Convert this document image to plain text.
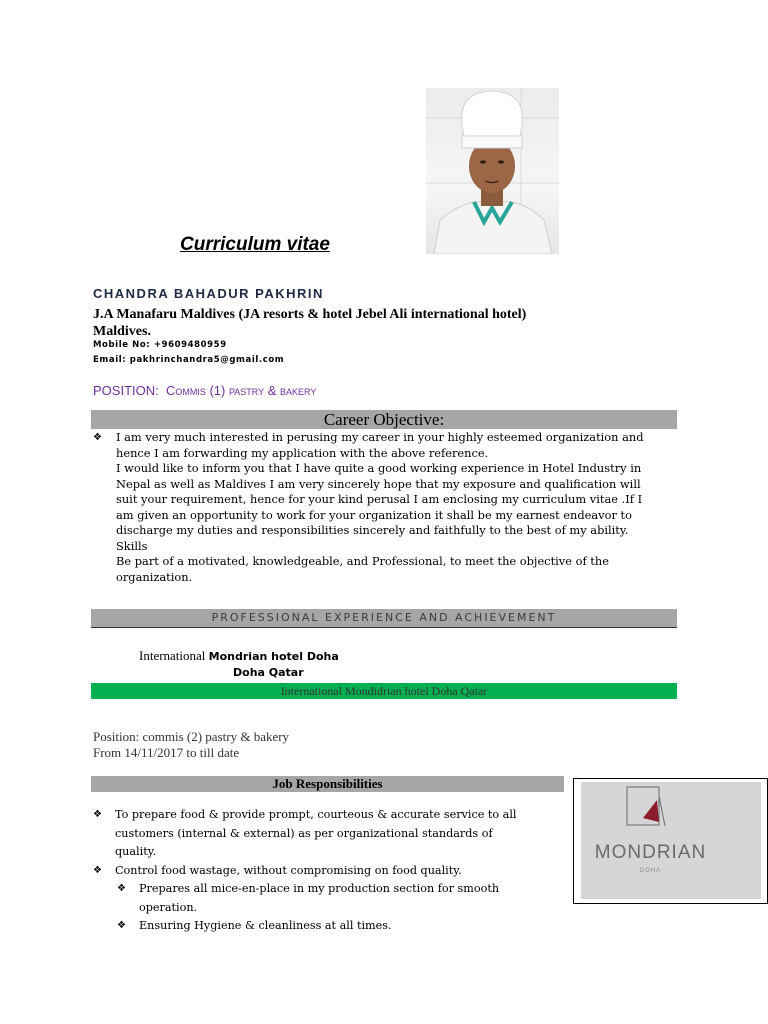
Curriculum vitae
CHANDRA BAHADUR PAKHRIN
J.A Manafaru Maldives (JA resorts & hotel Jebel Ali international hotel)
Maldives.
Mobile No: +9609480959
Email: pakhrinchandra5@gmail.com
POSITION: Commis (1) pastry & bakery
Career Objective:
❖ I am very much interested in perusing my career in your highly esteemed organization and
hence I am forwarding my application with the above reference.
I would like to inform you that I have quite a good working experience in Hotel Industry in
Nepal as well as Maldives I am very sincerely hope that my exposure and qualification will
suit your requirement, hence for your kind perusal I am enclosing my curriculum vitae .If I
am given an opportunity to work for your organization it shall be my earnest endeavor to
discharge my duties and responsibilities sincerely and faithfully to the best of my ability.
Skills
Be part of a motivated, knowledgeable, and Professional, to meet the objective of the
organization.
PROFESSIONAL EXPERIENCE AND ACHIEVEMENT
International Mondrian hotel Doha
Doha Qatar
International Mondidrian hotel Doha Qatar
Position: commis (2) pastry & bakery
From 14/11/2017 to till date
Job Responsibilities
MONDRIAN
DOHA
❖ To prepare food & provide prompt, courteous & accurate service to all
customers (internal & external) as per organizational standards of
quality.
❖ Control food wastage, without compromising on food quality.
❖ Prepares all mice-en-place in my production section for smooth
operation.
❖ Ensuring Hygiene & cleanliness at all times.
